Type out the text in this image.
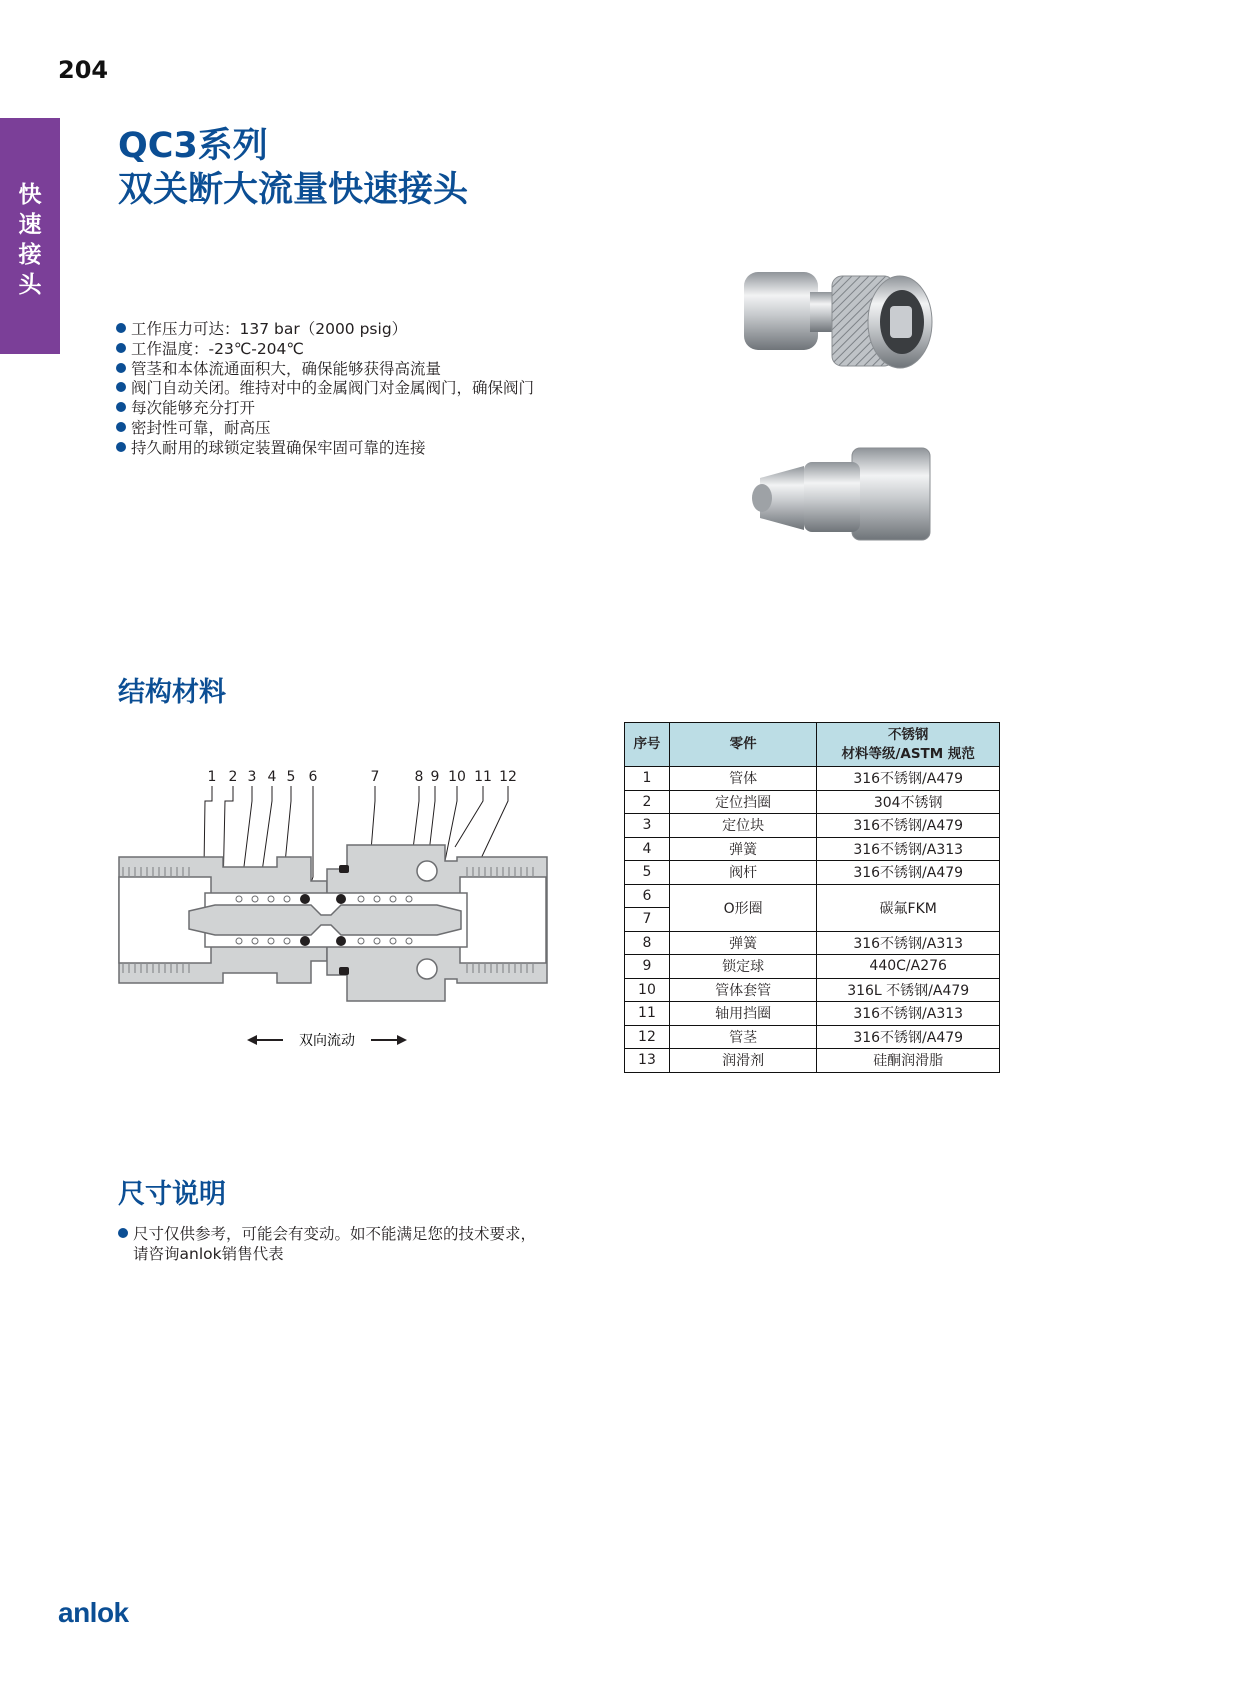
204
快速接头
QC3系列
双关断大流量快速接头
工作压力可达：137 bar（2000 psig）
工作温度：-23℃-204℃
管茎和本体流通面积大，确保能够获得高流量
阀门自动关闭。维持对中的金属阀门对金属阀门，确保阀门
每次能够充分打开
密封性可靠，耐高压
持久耐用的球锁定装置确保牢固可靠的连接
结构材料
1 2 3 4 5 6	7	8 9 10 11 12
双向流动
序号	零件	不锈钢
材料等级/ASTM 规范

1	管体	316不锈钢/A479
2	定位挡圈	304不锈钢
3	定位块	316不锈钢/A479
4	弹簧	316不锈钢/A313
5	阀杆	316不锈钢/A479
6	O形圈	碳氟FKM
7		
8	弹簧	316不锈钢/A313
9	锁定球	440C/A276
10	管体套管	316L 不锈钢/A479
11	轴用挡圈	316不锈钢/A313
12	管茎	316不锈钢/A479
13	润滑剂	硅酮润滑脂
尺寸说明
尺寸仅供参考，可能会有变动。如不能满足您的技术要求，
请咨询anlok销售代表
anlok
